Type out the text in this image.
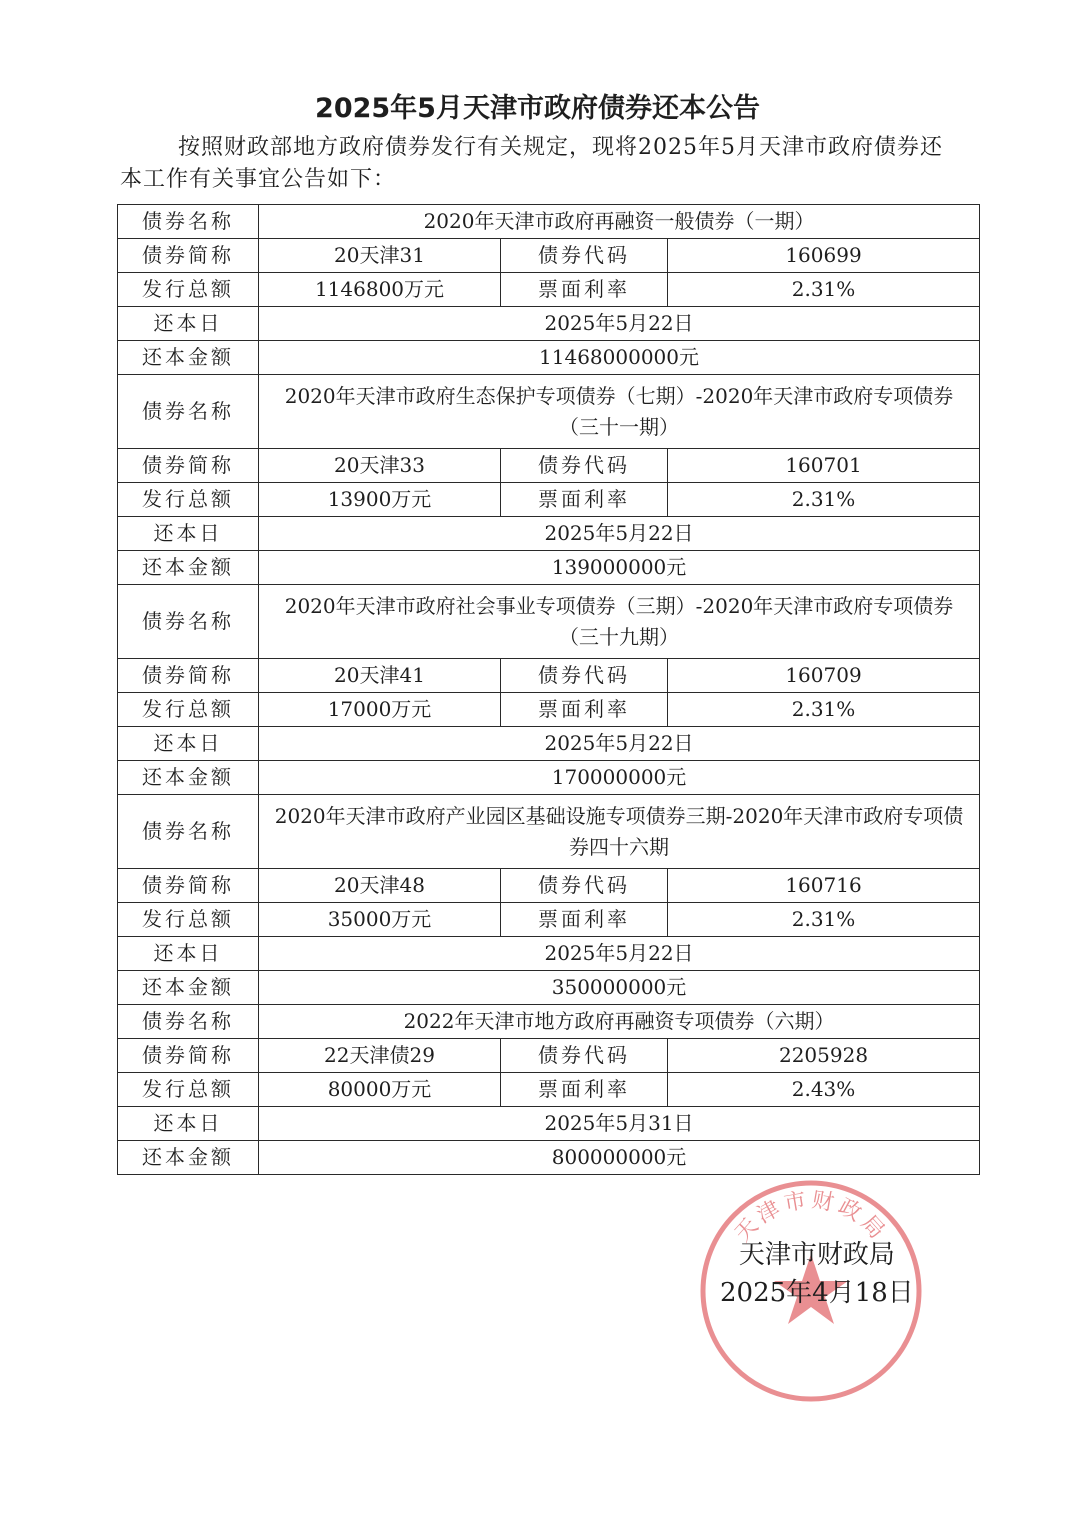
2025年5月天津市政府债券还本公告
按照财政部地方政府债券发行有关规定，现将2025年5月天津市政府债券还本工作有关事宜公告如下：
债券名称	2020年天津市政府再融资一般债券（一期）		
债券简称	20天津31	债券代码	160699
发行总额	1146800万元	票面利率	2.31%
还本日	2025年5月22日		
还本金额	11468000000元		
债券名称	2020年天津市政府生态保护专项债券（七期）-2020年天津市政府专项债券（三十一期）		
债券简称	20天津33	债券代码	160701
发行总额	13900万元	票面利率	2.31%
还本日	2025年5月22日		
还本金额	139000000元		
债券名称	2020年天津市政府社会事业专项债券（三期）-2020年天津市政府专项债券（三十九期）		
债券简称	20天津41	债券代码	160709
发行总额	17000万元	票面利率	2.31%
还本日	2025年5月22日		
还本金额	170000000元		
债券名称	2020年天津市政府产业园区基础设施专项债券三期-2020年天津市政府专项债券四十六期		
债券简称	20天津48	债券代码	160716
发行总额	35000万元	票面利率	2.31%
还本日	2025年5月22日		
还本金额	350000000元		
债券名称	2022年天津市地方政府再融资专项债券（六期）		
债券简称	22天津债29	债券代码	2205928
发行总额	80000万元	票面利率	2.43%
还本日	2025年5月31日		
还本金额	800000000元		
天津市财政局
天津市财政局
2025年4月18日
